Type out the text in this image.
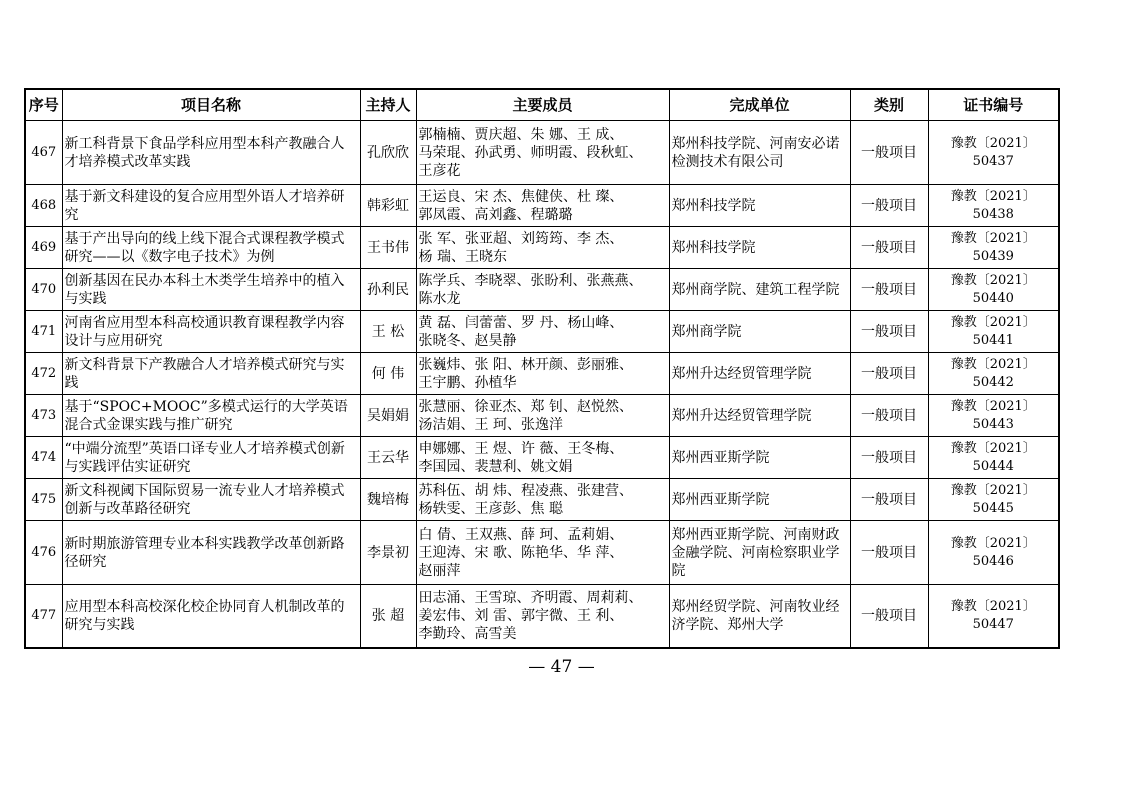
序号	项目名称	主持人	主要成员	完成单位	类别	证书编号
467	新工科背景下食品学科应用型本科产教融合人才培养模式改革实践	孔欣欣	郭楠楠、贾庆超、朱 娜、王 成、
马荣琨、孙武勇、师明霞、段秋虹、
王彦花	郑州科技学院、河南安必诺检测技术有限公司	一般项目	豫教〔2021〕50437
468	基于新文科建设的复合应用型外语人才培养研究	韩彩虹	王运良、宋 杰、焦健侠、杜 璨、
郭凤霞、高刘鑫、程璐璐	郑州科技学院	一般项目	豫教〔2021〕50438
469	基于产出导向的线上线下混合式课程教学模式研究——以《数字电子技术》为例	王书伟	张 军、张亚超、刘筠筠、李 杰、
杨 瑞、王晓东	郑州科技学院	一般项目	豫教〔2021〕50439
470	创新基因在民办本科土木类学生培养中的植入与实践	孙利民	陈学兵、李晓翠、张盼利、张燕燕、
陈水龙	郑州商学院、建筑工程学院	一般项目	豫教〔2021〕50440
471	河南省应用型本科高校通识教育课程教学内容设计与应用研究	王 松	黄 磊、闫蕾蕾、罗 丹、杨山峰、
张晓冬、赵昊静	郑州商学院	一般项目	豫教〔2021〕50441
472	新文科背景下产教融合人才培养模式研究与实践	何 伟	张巍炜、张 阳、林开颜、彭丽雅、
王宇鹏、孙植华	郑州升达经贸管理学院	一般项目	豫教〔2021〕50442
473	基于“SPOC+MOOC”多模式运行的大学英语混合式金课实践与推广研究	吴娟娟	张慧丽、徐亚杰、郑 钊、赵悦然、
汤洁娟、王 珂、张逸洋	郑州升达经贸管理学院	一般项目	豫教〔2021〕50443
474	“中端分流型”英语口译专业人才培养模式创新与实践评估实证研究	王云华	申娜娜、王 煜、许 薇、王冬梅、
李国园、裴慧利、姚文娟	郑州西亚斯学院	一般项目	豫教〔2021〕50444
475	新文科视阈下国际贸易一流专业人才培养模式创新与改革路径研究	魏培梅	苏科伍、胡 炜、程凌燕、张建营、
杨轶雯、王彦彭、焦 聪	郑州西亚斯学院	一般项目	豫教〔2021〕50445
476	新时期旅游管理专业本科实践教学改革创新路径研究	李景初	白 倩、王双燕、薛 珂、孟莉娟、
王迎涛、宋 歌、陈艳华、华 萍、
赵丽萍	郑州西亚斯学院、河南财政金融学院、河南检察职业学院	一般项目	豫教〔2021〕50446
477	应用型本科高校深化校企协同育人机制改革的研究与实践	张 超	田志涌、王雪琼、齐明霞、周莉莉、
姜宏伟、刘 雷、郭宇微、王 利、
李勤玲、高雪美	郑州经贸学院、河南牧业经济学院、郑州大学	一般项目	豫教〔2021〕50447
— 47 —
